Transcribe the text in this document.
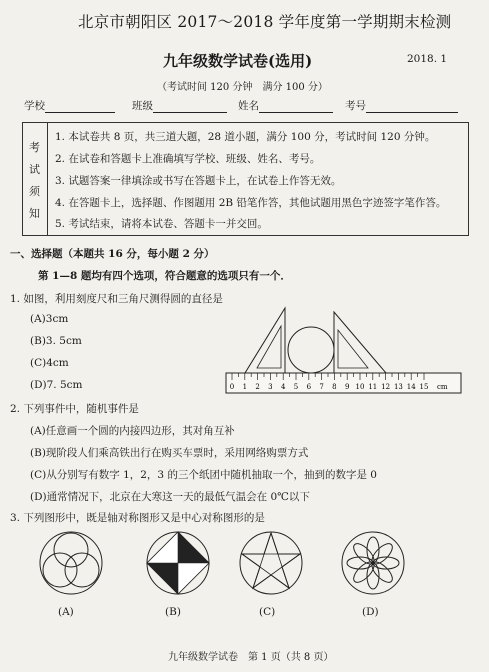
北京市朝阳区 2017～2018 学年度第一学期期末检测
九年级数学试卷(选用)	2018. 1
（考试时间 120 分钟　满分 100 分）
学校	班级	姓名	考号
考
试
须
知
1. 本试卷共 8 页，共三道大题，28 道小题，满分 100 分，考试时间 120 分钟。
2. 在试卷和答题卡上准确填写学校、班级、姓名、考号。
3. 试题答案一律填涂或书写在答题卡上，在试卷上作答无效。
4. 在答题卡上，选择题、作图题用 2B 铅笔作答，其他试题用黑色字迹签字笔作答。
5. 考试结束，请将本试卷、答题卡一并交回。
一、选择题（本题共 16 分，每小题 2 分）
第 1—8 题均有四个选项，符合题意的选项只有一个．
1. 如图，利用刻度尺和三角尺测得圆的直径是
(A)3cm
(B)3. 5cm
(C)4cm
(D)7. 5cm	0 1 2 3 4 5 6 7 8 9 10 11 12 13 14 15 cm
2. 下列事件中，随机事件是
(A)任意画一个圆的内接四边形，其对角互补
(B)现阶段人们乘高铁出行在购买车票时，采用网络购票方式
(C)从分别写有数字 1，2，3 的三个纸团中随机抽取一个，抽到的数字是 0
(D)通常情况下，北京在大寒这一天的最低气温会在 0℃以下
3. 下列图形中，既是轴对称图形又是中心对称图形的是
(A)	(B)	(C)	(D)
九年级数学试卷　第 1 页（共 8 页）
